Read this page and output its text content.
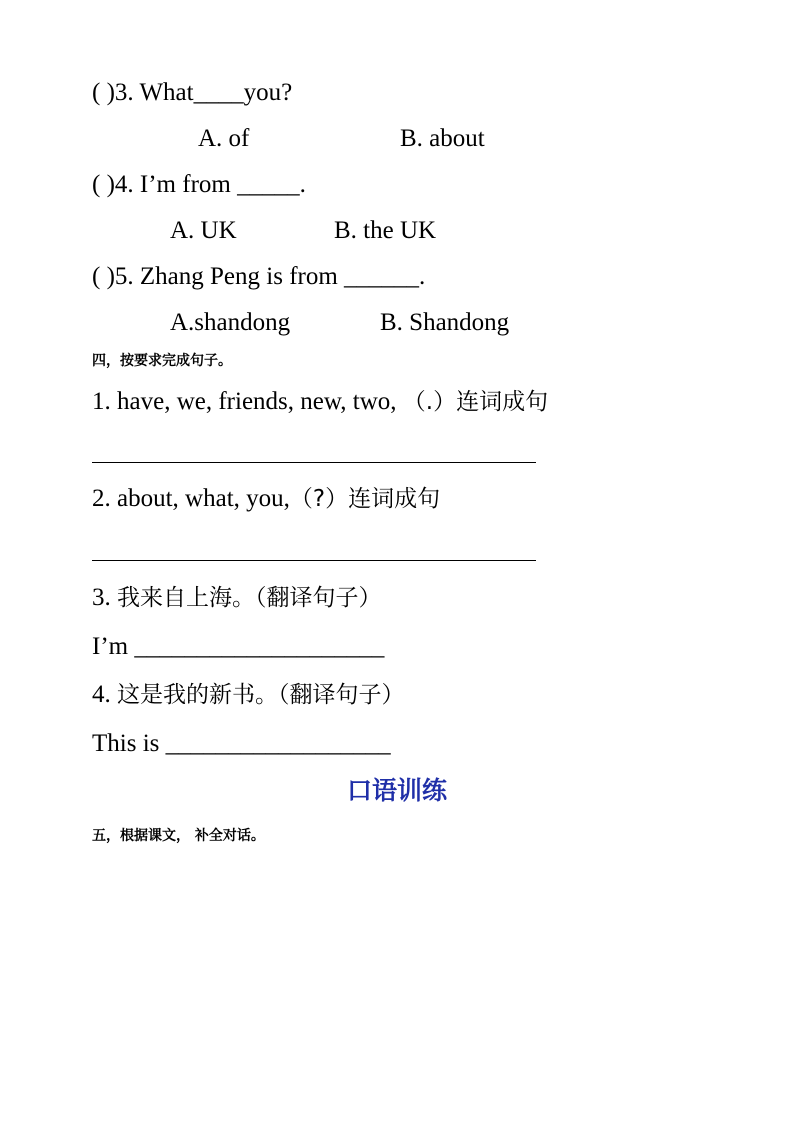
( )3. What____you?
A. of	B. about
( )4. I’m from _____.
A. UK	B. the UK
( )5. Zhang Peng is from ______.
A.shandong	B. Shandong
四，按要求完成句子。
1. have, we, friends, new, two, （.）连词成句
2. about, what, you,（?）连词成句
3. 我来自上海。（翻译句子）
I’m ____________________
4. 这是我的新书。（翻译句子）
This is __________________
口语训练
五，根据课文， 补全对话。
